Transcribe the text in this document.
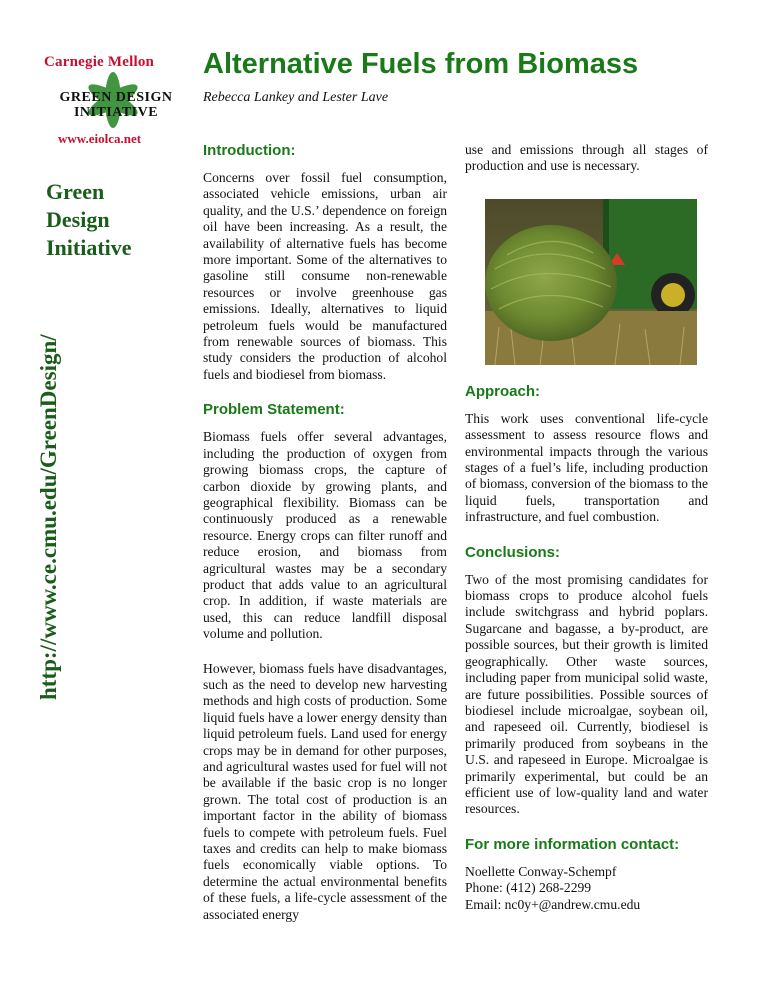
Carnegie Mellon
GREEN DESIGN
INITIATIVE
www.eiolca.net
Green
Design
Initiative
http://www.ce.cmu.edu/GreenDesign/
Alternative Fuels from Biomass
Rebecca Lankey and Lester Lave
Introduction:

Concerns over fossil fuel consumption, associated vehicle emissions, urban air quality, and the U.S.’ dependence on foreign oil have been increasing. As a result, the availability of alternative fuels has become more important. Some of the alternatives to gasoline still consume non-renewable resources or involve greenhouse gas emissions. Ideally, alternatives to liquid petroleum fuels would be manufactured from renewable sources of biomass. This study considers the production of alcohol fuels and biodiesel from biomass.

Problem Statement:

Biomass fuels offer several advantages, including the production of oxygen from growing biomass crops, the capture of carbon dioxide by growing plants, and geographical flexibility. Biomass can be continuously produced as a renewable resource. Energy crops can filter runoff and reduce erosion, and biomass from agricultural wastes may be a secondary product that adds value to an agricultural crop. In addition, if waste materials are used, this can reduce landfill disposal volume and pollution.

However, biomass fuels have disadvantages, such as the need to develop new harvesting methods and high costs of production. Some liquid fuels have a lower energy density than liquid petroleum fuels. Land used for energy crops may be in demand for other purposes, and agricultural wastes used for fuel will not be available if the basic crop is no longer grown. The total cost of production is an important factor in the ability of biomass fuels to compete with petroleum fuels. Fuel taxes and credits can help to make biomass fuels economically viable options. To determine the actual environmental benefits of these fuels, a life-cycle assessment of the associated energy

use and emissions through all stages of production and use is necessary.

Approach:

This work uses conventional life-cycle assessment to assess resource flows and environmental impacts through the various stages of a fuel’s life, including production of biomass, conversion of the biomass to the liquid fuels, transportation and infrastructure, and fuel combustion.

Conclusions:

Two of the most promising candidates for biomass crops to produce alcohol fuels include switchgrass and hybrid poplars. Sugarcane and bagasse, a by-product, are possible sources, but their growth is limited geographically. Other waste sources, including paper from municipal solid waste, are future possibilities. Possible sources of biodiesel include microalgae, soybean oil, and rapeseed oil. Currently, biodiesel is primarily produced from soybeans in the U.S. and rapeseed in Europe. Microalgae is primarily experimental, but could be an efficient use of low-quality land and water resources.

For more information contact:
Noellette Conway-Schempf
Phone: (412) 268-2299
Email: nc0y+@andrew.cmu.edu
